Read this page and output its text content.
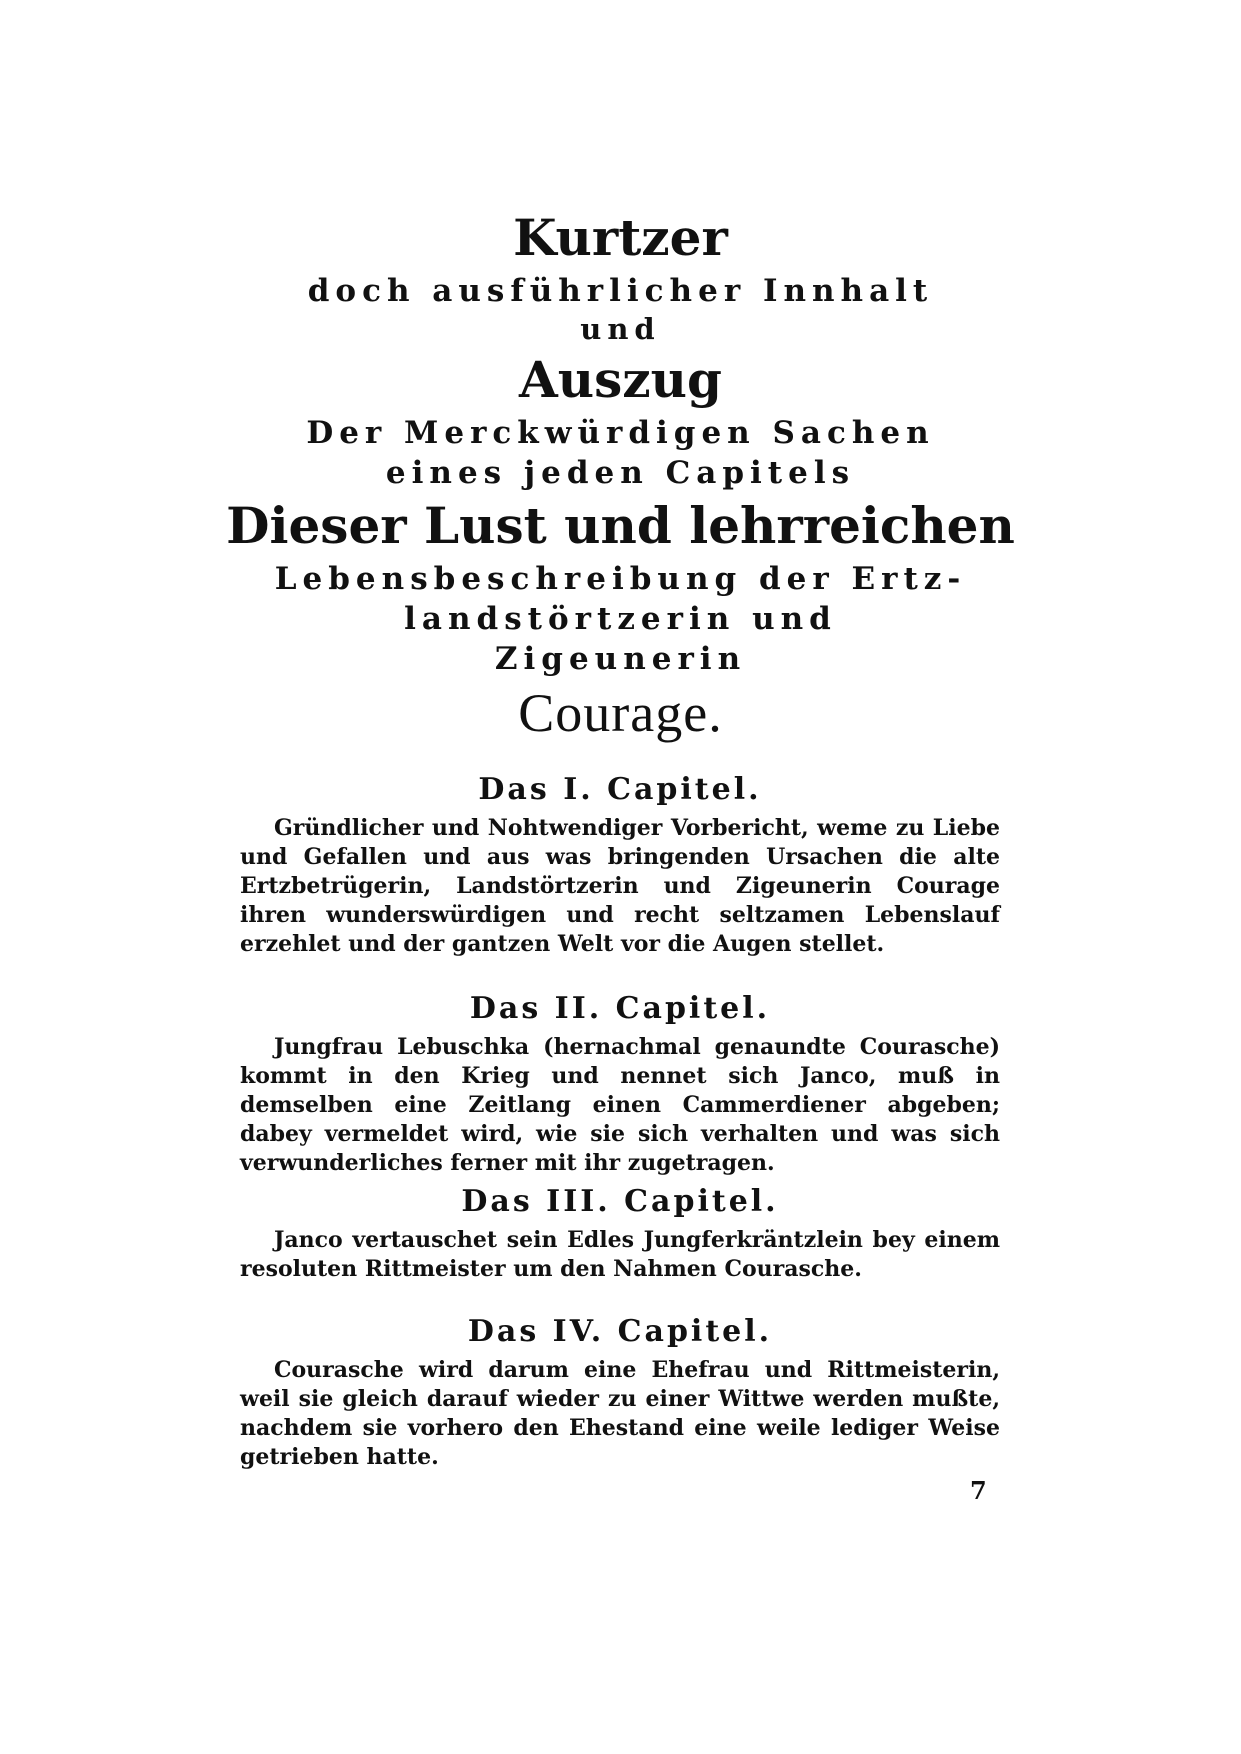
Kurtzer
doch ausführlicher Innhalt
und
Auszug
Der Merckwürdigen Sachen
eines jeden Capitels
Dieser Lust und lehrreichen
Lebensbeschreibung der Ertz-
landstörtzerin und
Zigeunerin
Courage.

Das I. Capitel.

Gründlicher und Nohtwendiger Vorbericht, weme zu Liebe und Gefallen und aus was bringenden Ursachen die alte Ertzbetrügerin, Landstörtzerin und Zigeunerin Courage ihren wunderswürdigen und recht seltzamen Lebenslauf erzehlet und der gantzen Welt vor die Augen stellet.

Das II. Capitel.

Jungfrau Lebuschka (hernachmal genaundte Courasche) kommt in den Krieg und nennet sich Janco, muß in demselben eine Zeitlang einen Cammerdiener abgeben; dabey vermeldet wird, wie sie sich verhalten und was sich verwunderliches ferner mit ihr zugetragen.

Das III. Capitel.

Janco vertauschet sein Edles Jungferkräntzlein bey einem resoluten Rittmeister um den Nahmen Courasche.

Das IV. Capitel.

Courasche wird darum eine Ehefrau und Rittmeisterin, weil sie gleich darauf wieder zu einer Wittwe werden mußte, nachdem sie vorhero den Ehestand eine weile lediger Weise getrieben hatte.

7
